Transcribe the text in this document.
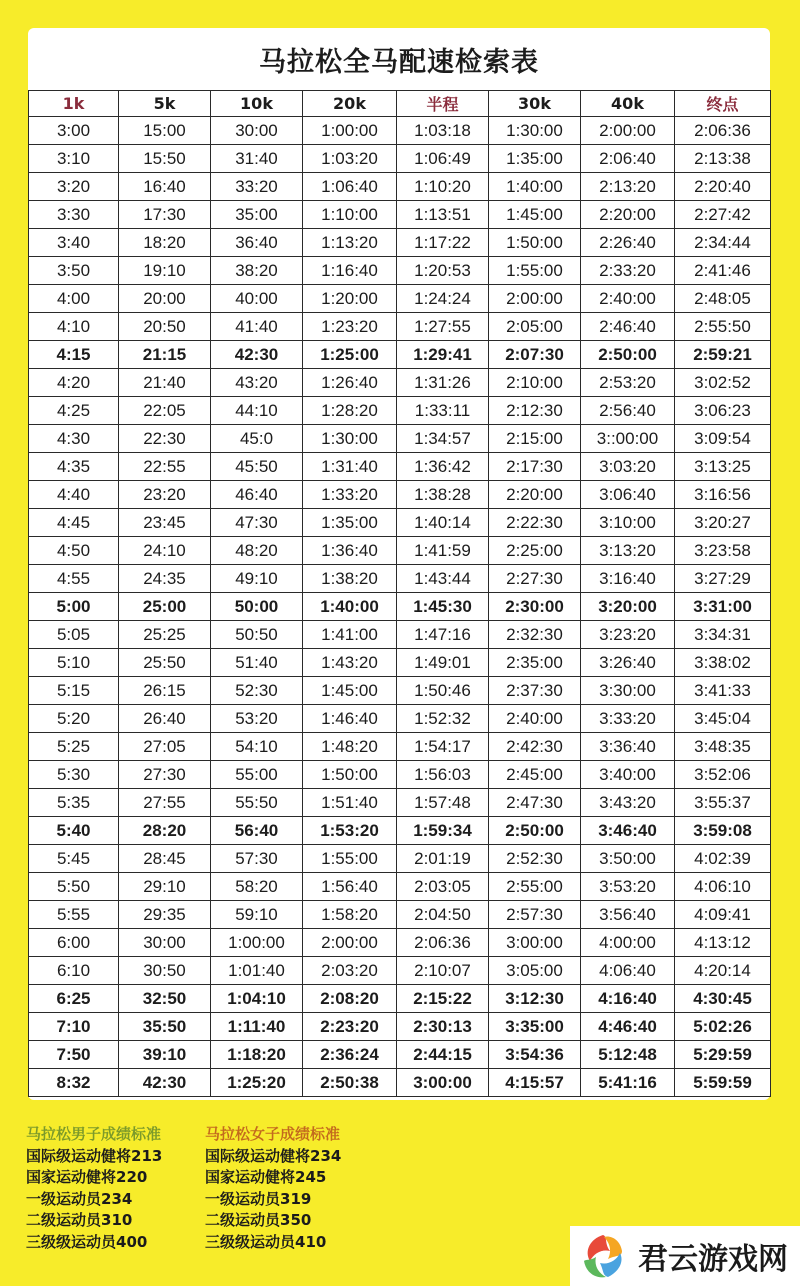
马拉松全马配速检索表
1k	5k	10k	20k	半程	30k	40k	终点
3:00	15:00	30:00	1:00:00	1:03:18	1:30:00	2:00:00	2:06:36
3:10	15:50	31:40	1:03:20	1:06:49	1:35:00	2:06:40	2:13:38
3:20	16:40	33:20	1:06:40	1:10:20	1:40:00	2:13:20	2:20:40
3:30	17:30	35:00	1:10:00	1:13:51	1:45:00	2:20:00	2:27:42
3:40	18:20	36:40	1:13:20	1:17:22	1:50:00	2:26:40	2:34:44
3:50	19:10	38:20	1:16:40	1:20:53	1:55:00	2:33:20	2:41:46
4:00	20:00	40:00	1:20:00	1:24:24	2:00:00	2:40:00	2:48:05
4:10	20:50	41:40	1:23:20	1:27:55	2:05:00	2:46:40	2:55:50
4:15	21:15	42:30	1:25:00	1:29:41	2:07:30	2:50:00	2:59:21
4:20	21:40	43:20	1:26:40	1:31:26	2:10:00	2:53:20	3:02:52
4:25	22:05	44:10	1:28:20	1:33:11	2:12:30	2:56:40	3:06:23
4:30	22:30	45:0	1:30:00	1:34:57	2:15:00	3::00:00	3:09:54
4:35	22:55	45:50	1:31:40	1:36:42	2:17:30	3:03:20	3:13:25
4:40	23:20	46:40	1:33:20	1:38:28	2:20:00	3:06:40	3:16:56
4:45	23:45	47:30	1:35:00	1:40:14	2:22:30	3:10:00	3:20:27
4:50	24:10	48:20	1:36:40	1:41:59	2:25:00	3:13:20	3:23:58
4:55	24:35	49:10	1:38:20	1:43:44	2:27:30	3:16:40	3:27:29
5:00	25:00	50:00	1:40:00	1:45:30	2:30:00	3:20:00	3:31:00
5:05	25:25	50:50	1:41:00	1:47:16	2:32:30	3:23:20	3:34:31
5:10	25:50	51:40	1:43:20	1:49:01	2:35:00	3:26:40	3:38:02
5:15	26:15	52:30	1:45:00	1:50:46	2:37:30	3:30:00	3:41:33
5:20	26:40	53:20	1:46:40	1:52:32	2:40:00	3:33:20	3:45:04
5:25	27:05	54:10	1:48:20	1:54:17	2:42:30	3:36:40	3:48:35
5:30	27:30	55:00	1:50:00	1:56:03	2:45:00	3:40:00	3:52:06
5:35	27:55	55:50	1:51:40	1:57:48	2:47:30	3:43:20	3:55:37
5:40	28:20	56:40	1:53:20	1:59:34	2:50:00	3:46:40	3:59:08
5:45	28:45	57:30	1:55:00	2:01:19	2:52:30	3:50:00	4:02:39
5:50	29:10	58:20	1:56:40	2:03:05	2:55:00	3:53:20	4:06:10
5:55	29:35	59:10	1:58:20	2:04:50	2:57:30	3:56:40	4:09:41
6:00	30:00	1:00:00	2:00:00	2:06:36	3:00:00	4:00:00	4:13:12
6:10	30:50	1:01:40	2:03:20	2:10:07	3:05:00	4:06:40	4:20:14
6:25	32:50	1:04:10	2:08:20	2:15:22	3:12:30	4:16:40	4:30:45
7:10	35:50	1:11:40	2:23:20	2:30:13	3:35:00	4:46:40	5:02:26
7:50	39:10	1:18:20	2:36:24	2:44:15	3:54:36	5:12:48	5:29:59
8:32	42:30	1:25:20	2:50:38	3:00:00	4:15:57	5:41:16	5:59:59
马拉松男子成绩标准
国际级运动健将213
国家运动健将220
一级运动员234
二级运动员310
三级级运动员400
马拉松女子成绩标准
国际级运动健将234
国家运动健将245
一级运动员319
二级运动员350
三级级运动员410
君云游戏网
